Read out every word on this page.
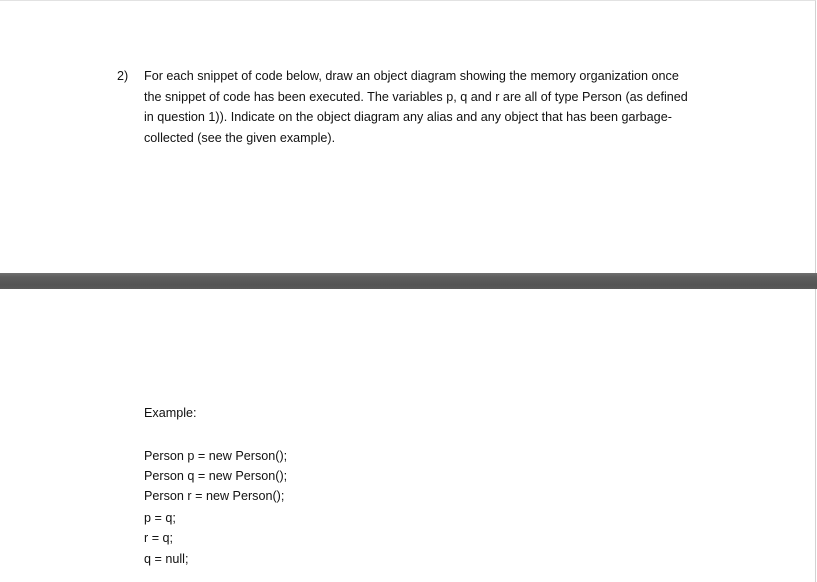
2) For each snippet of code below, draw an object diagram showing the memory organization once
the snippet of code has been executed. The variables p, q and r are all of type Person (as defined
in question 1)). Indicate on the object diagram any alias and any object that has been garbage-
collected (see the given example).
Example:
Person p = new Person();
Person q = new Person();
Person r = new Person();
p = q;
r = q;
q = null;
